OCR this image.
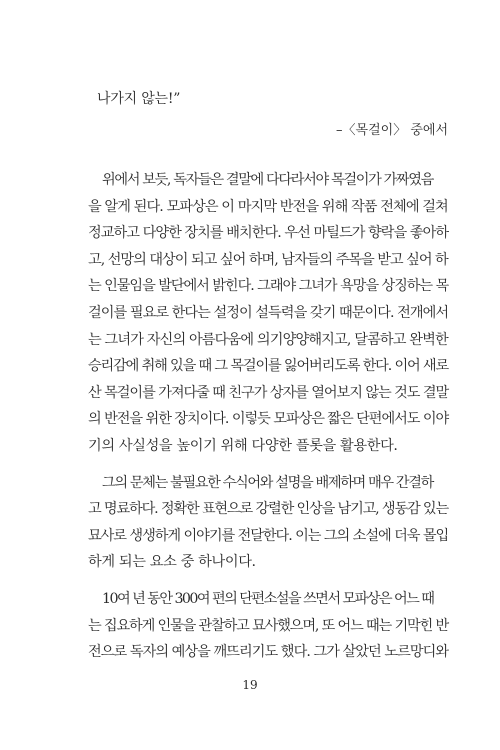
나가지 않는!”
–〈목걸이〉 중에서
위에서 보듯, 독자들은 결말에 다다라서야 목걸이가 가짜였음
을 알게 된다. 모파상은 이 마지막 반전을 위해 작품 전체에 걸쳐
정교하고 다양한 장치를 배치한다. 우선 마틸드가 향락을 좋아하
고, 선망의 대상이 되고 싶어 하며, 남자들의 주목을 받고 싶어 하
는 인물임을 발단에서 밝힌다. 그래야 그녀가 욕망을 상징하는 목
걸이를 필요로 한다는 설정이 설득력을 갖기 때문이다. 전개에서
는 그녀가 자신의 아름다움에 의기양양해지고, 달콤하고 완벽한
승리감에 취해 있을 때 그 목걸이를 잃어버리도록 한다. 이어 새로
산 목걸이를 가져다줄 때 친구가 상자를 열어보지 않는 것도 결말
의 반전을 위한 장치이다. 이렇듯 모파상은 짧은 단편에서도 이야
기의 사실성을 높이기 위해 다양한 플롯을 활용한다.
그의 문체는 불필요한 수식어와 설명을 배제하며 매우 간결하
고 명료하다. 정확한 표현으로 강렬한 인상을 남기고, 생동감 있는
묘사로 생생하게 이야기를 전달한다. 이는 그의 소설에 더욱 몰입
하게 되는 요소 중 하나이다.
10여 년 동안 300여 편의 단편소설을 쓰면서 모파상은 어느 때
는 집요하게 인물을 관찰하고 묘사했으며, 또 어느 때는 기막힌 반
전으로 독자의 예상을 깨뜨리기도 했다. 그가 살았던 노르망디와
19
